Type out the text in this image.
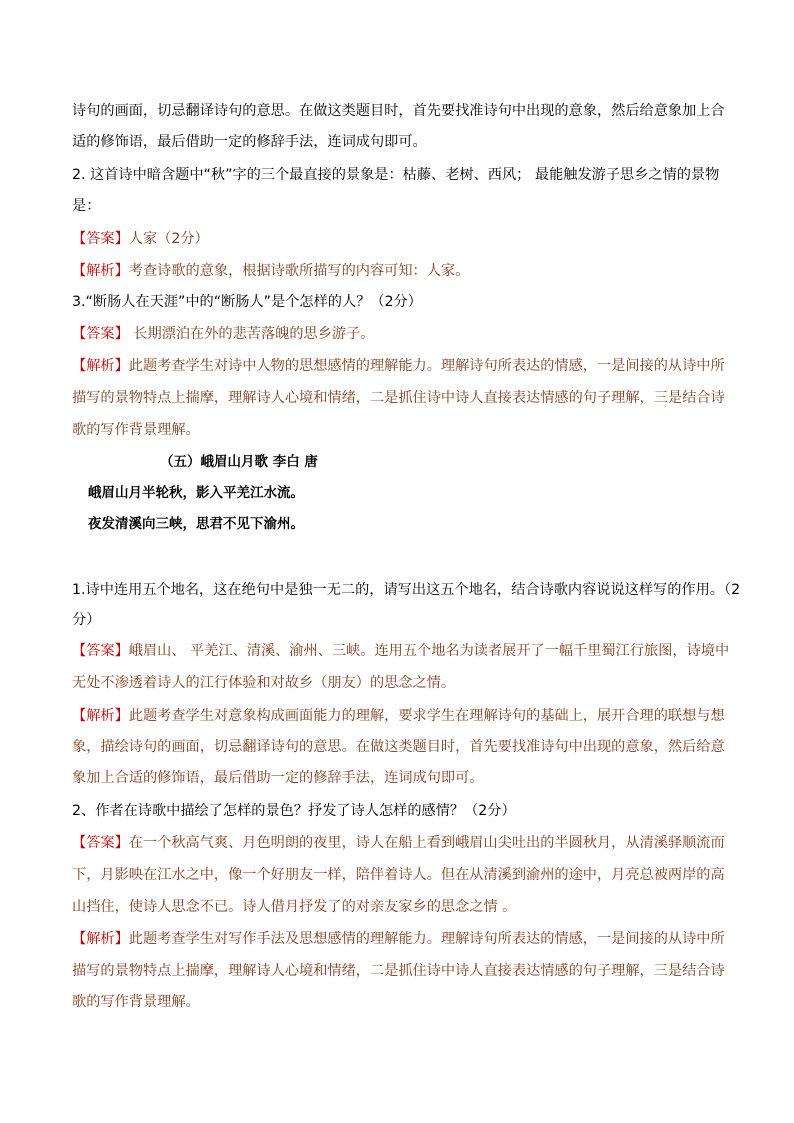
诗句的画面，切忌翻译诗句的意思。在做这类题目时，首先要找准诗句中出现的意象，然后给意象加上合
适的修饰语，最后借助一定的修辞手法，连词成句即可。
2. 这首诗中暗含题中“秋”字的三个最直接的景象是：枯藤、老树、西风； 最能触发游子思乡之情的景物
是：
【答案】人家（2分）
【解析】考查诗歌的意象，根据诗歌所描写的内容可知：人家。
3.“断肠人在天涯”中的“断肠人”是个怎样的人？（2分）
【答案】 长期漂泊在外的悲苦落魄的思乡游子。
【解析】此题考查学生对诗中人物的思想感情的理解能力。理解诗句所表达的情感，一是间接的从诗中所
描写的景物特点上揣摩，理解诗人心境和情绪，二是抓住诗中诗人直接表达情感的句子理解，三是结合诗
歌的写作背景理解。
（五）峨眉山月歌 李白 唐
峨眉山月半轮秋，影入平羌江水流。
夜发清溪向三峡，思君不见下渝州。
1.诗中连用五个地名，这在绝句中是独一无二的，请写出这五个地名，结合诗歌内容说说这样写的作用。（2
分）
【答案】峨眉山、 平羌江、清溪、渝州、三峡。连用五个地名为读者展开了一幅千里蜀江行旅图，诗境中
无处不渗透着诗人的江行体验和对故乡（朋友）的思念之情。
【解析】此题考查学生对意象构成画面能力的理解，要求学生在理解诗句的基础上，展开合理的联想与想
象，描绘诗句的画面，切忌翻译诗句的意思。在做这类题目时，首先要找准诗句中出现的意象，然后给意
象加上合适的修饰语，最后借助一定的修辞手法，连词成句即可。
2、作者在诗歌中描绘了怎样的景色？抒发了诗人怎样的感情？（2分）
【答案】在一个秋高气爽、月色明朗的夜里，诗人在船上看到峨眉山尖吐出的半圆秋月，从清溪驿顺流而
下，月影映在江水之中，像一个好朋友一样，陪伴着诗人。但在从清溪到渝州的途中，月亮总被两岸的高
山挡住，使诗人思念不已。诗人借月抒发了的对亲友家乡的思念之情 。
【解析】此题考查学生对写作手法及思想感情的理解能力。理解诗句所表达的情感，一是间接的从诗中所
描写的景物特点上揣摩，理解诗人心境和情绪，二是抓住诗中诗人直接表达情感的句子理解，三是结合诗
歌的写作背景理解。
